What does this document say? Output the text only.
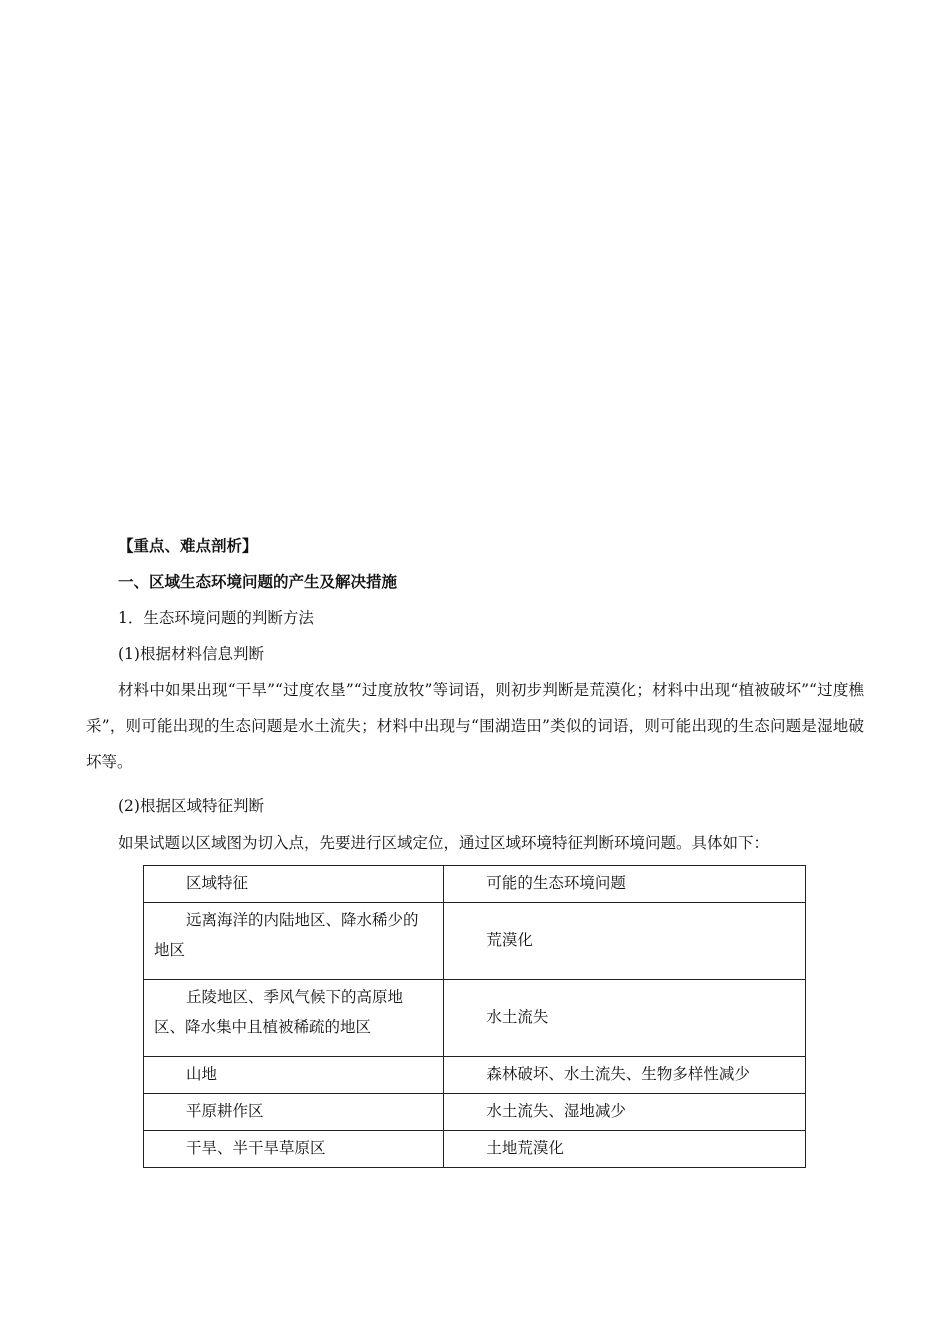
【重点、难点剖析】
一、区域生态环境问题的产生及解决措施
1．生态环境问题的判断方法
(1)根据材料信息判断
材料中如果出现“干旱”“过度农垦”“过度放牧”等词语，则初步判断是荒漠化；材料中出现“植被破坏”“过度樵采”，则可能出现的生态问题是水土流失；材料中出现与“围湖造田”类似的词语，则可能出现的生态问题是湿地破坏等。
(2)根据区域特征判断
如果试题以区域图为切入点，先要进行区域定位，通过区域环境特征判断环境问题。具体如下：
区域特征	可能的生态环境问题
远离海洋的内陆地区、降水稀少的地区	荒漠化
丘陵地区、季风气候下的高原地区、降水集中且植被稀疏的地区	水土流失
山地	森林破坏、水土流失、生物多样性减少
平原耕作区	水土流失、湿地减少
干旱、半干旱草原区	土地荒漠化
